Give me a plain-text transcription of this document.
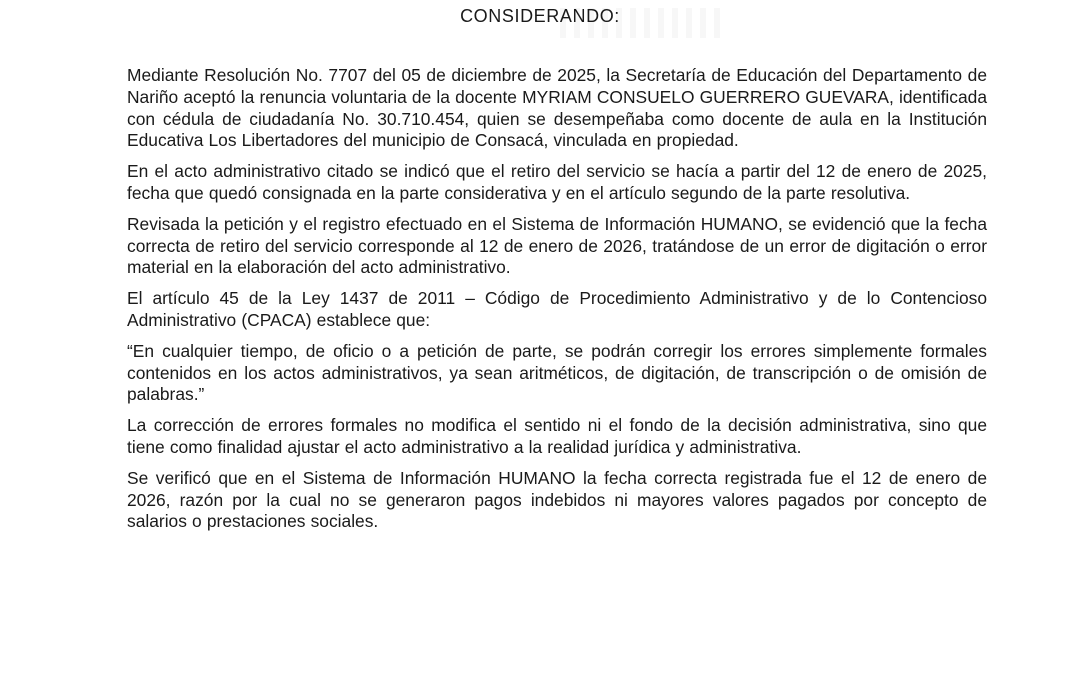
CONSIDERANDO:

Mediante Resolución No. 7707 del 05 de diciembre de 2025, la Secretaría de Educación del Departamento de Nariño aceptó la renuncia voluntaria de la docente MYRIAM CONSUELO GUERRERO GUEVARA, identificada con cédula de ciudadanía No. 30.710.454, quien se desempeñaba como docente de aula en la Institución Educativa Los Libertadores del municipio de Consacá, vinculada en propiedad.

En el acto administrativo citado se indicó que el retiro del servicio se hacía a partir del 12 de enero de 2025, fecha que quedó consignada en la parte considerativa y en el artículo segundo de la parte resolutiva.

Revisada la petición y el registro efectuado en el Sistema de Información HUMANO, se evidenció que la fecha correcta de retiro del servicio corresponde al 12 de enero de 2026, tratándose de un error de digitación o error material en la elaboración del acto administrativo.

El artículo 45 de la Ley 1437 de 2011 – Código de Procedimiento Administrativo y de lo Contencioso Administrativo (CPACA) establece que:

“En cualquier tiempo, de oficio o a petición de parte, se podrán corregir los errores simplemente formales contenidos en los actos administrativos, ya sean aritméticos, de digitación, de transcripción o de omisión de palabras.”

La corrección de errores formales no modifica el sentido ni el fondo de la decisión administrativa, sino que tiene como finalidad ajustar el acto administrativo a la realidad jurídica y administrativa.

Se verificó que en el Sistema de Información HUMANO la fecha correcta registrada fue el 12 de enero de 2026, razón por la cual no se generaron pagos indebidos ni mayores valores pagados por concepto de salarios o prestaciones sociales.
